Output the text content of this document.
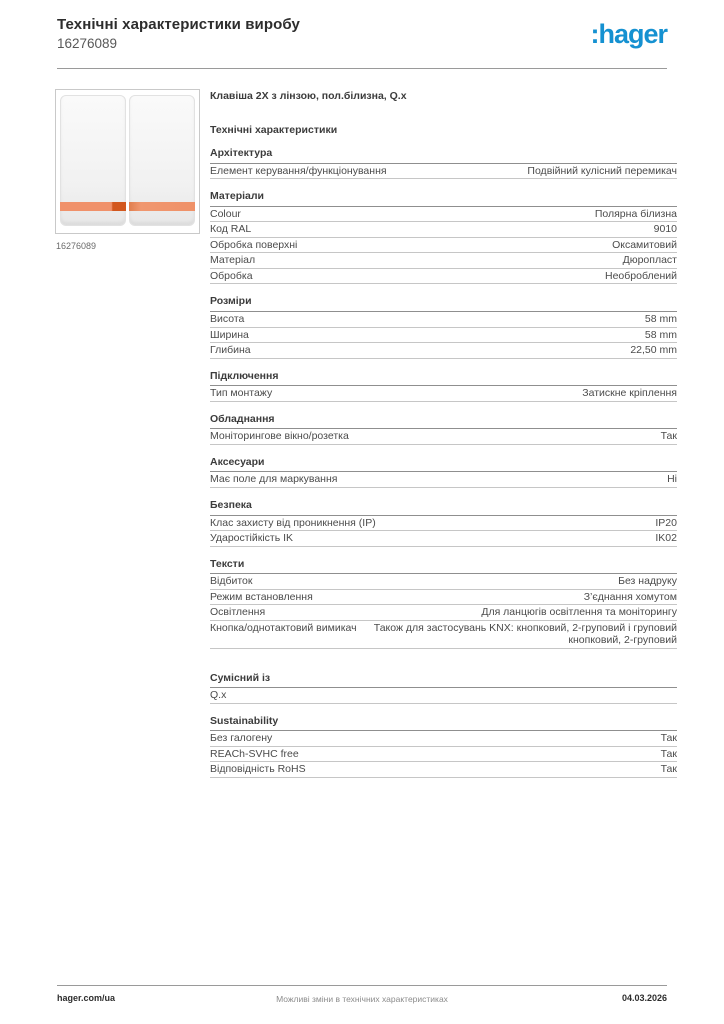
Технічні характеристики виробу
16276089	:hager
16276089
Клавіша 2X з лінзою, пол.білизна, Q.x
Технічні характеристики
Архітектура
Елемент керування/функціонування	Подвійний кулісний перемикач
Матеріали
Colour	Полярна білизна
Код RAL	9010
Обробка поверхні	Оксамитовий
Матеріал	Дюропласт
Обробка	Необроблений
Розміри
Висота	58 mm
Ширина	58 mm
Глибина	22,50 mm
Підключення
Тип монтажу	Затискне кріплення
Обладнання
Моніторингове вікно/розетка	Так
Аксесуари
Має поле для маркування	Ні
Безпека
Клас захисту від проникнення (IP)	IP20
Ударостійкість IK	IK02
Тексти
Відбиток	Без надруку
Режим встановлення	З’єднання хомутом
Освітлення	Для ланцюгів освітлення та моніторингу
Кнопка/однотактовий вимикач	Також для застосувань KNX: кнопковий, 2-груповий і груповий кнопковий, 2-груповий
Сумісний із
Q.x
Sustainability
Без галогену	Так
REACh-SVHC free	Так
Відповідність RoHS	Так
hager.com/ua	Можливі зміни в технічних характеристиках	04.03.2026
